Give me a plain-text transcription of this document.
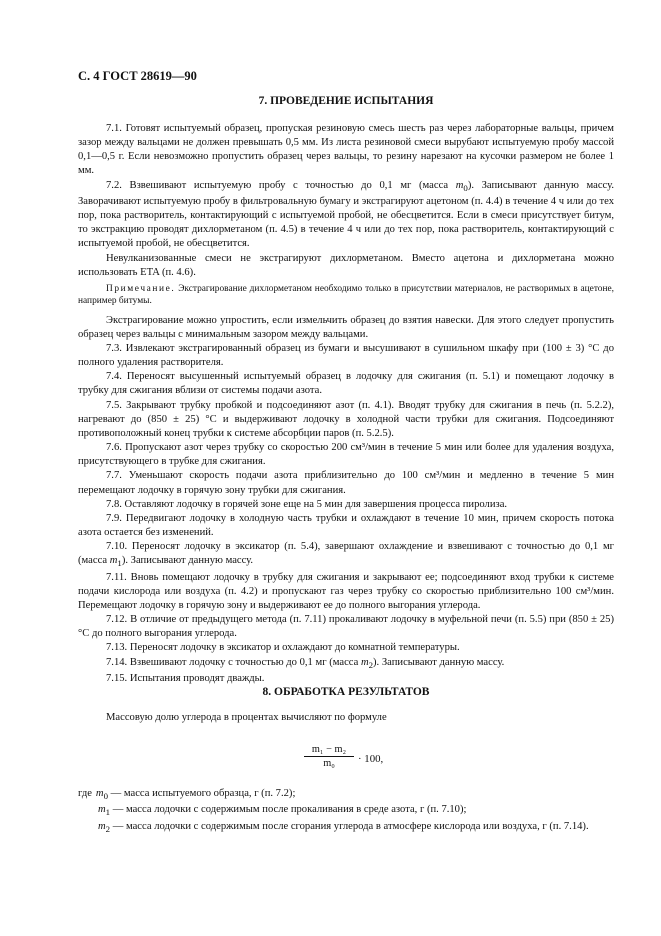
С. 4 ГОСТ 28619—90
7. ПРОВЕДЕНИЕ ИСПЫТАНИЯ

7.1. Готовят испытуемый образец, пропуская резиновую смесь шесть раз через лабораторные вальцы, причем зазор между вальцами не должен превышать 0,5 мм. Из листа резиновой смеси вырубают испытуемую пробу массой 0,1—0,5 г. Если невозможно пропустить образец через вальцы, то резину нарезают на кусочки размером не более 1 мм.

7.2. Взвешивают испытуемую пробу с точностью до 0,1 мг (масса $m_0$). Записывают данную массу. Заворачивают испытуемую пробу в фильтровальную бумагу и экстрагируют ацетоном (п. 4.4) в течение 4 ч или до тех пор, пока растворитель, контактирующий с испытуемой пробой, не обесцветится. Если в смеси присутствует битум, то экстракцию проводят дихлорметаном (п. 4.5) в течение 4 ч или до тех пор, пока растворитель, контактирующий с испытуемой пробой, не обесцветится.

Невулканизованные смеси не экстрагируют дихлорметаном. Вместо ацетона и дихлорметана можно использовать ETA (п. 4.6).

Примечание. Экстрагирование дихлорметаном необходимо только в присутствии материалов, не растворимых в ацетоне, например битумы.

Экстрагирование можно упростить, если измельчить образец до взятия навески. Для этого следует пропустить образец через вальцы с минимальным зазором между вальцами.

7.3. Извлекают экстрагированный образец из бумаги и высушивают в сушильном шкафу при (100 ± 3) °С до полного удаления растворителя.

7.4. Переносят высушенный испытуемый образец в лодочку для сжигания (п. 5.1) и помещают лодочку в трубку для сжигания вблизи от системы подачи азота.

7.5. Закрывают трубку пробкой и подсоединяют азот (п. 4.1). Вводят трубку для сжигания в печь (п. 5.2.2), нагревают до (850 ± 25) °С и выдерживают лодочку в холодной части трубки для сжигания. Подсоединяют противоположный конец трубки к системе абсорбции паров (п. 5.2.5).

7.6. Пропускают азот через трубку со скоростью 200 см³/мин в течение 5 мин или более для удаления воздуха, присутствующего в трубке для сжигания.

7.7. Уменьшают скорость подачи азота приблизительно до 100 см³/мин и медленно в течение 5 мин перемещают лодочку в горячую зону трубки для сжигания.

7.8. Оставляют лодочку в горячей зоне еще на 5 мин для завершения процесса пиролиза.

7.9. Передвигают лодочку в холодную часть трубки и охлаждают в течение 10 мин, причем скорость потока азота остается без изменений.

7.10. Переносят лодочку в эксикатор (п. 5.4), завершают охлаждение и взвешивают с точностью до 0,1 мг (масса $m_1$). Записывают данную массу.

7.11. Вновь помещают лодочку в трубку для сжигания и закрывают ее; подсоединяют вход трубки к системе подачи кислорода или воздуха (п. 4.2) и пропускают газ через трубку со скоростью приблизительно 100 см³/мин. Перемещают лодочку в горячую зону и выдерживают ее до полного выгорания углерода.

7.12. В отличие от предыдущего метода (п. 7.11) прокаливают лодочку в муфельной печи (п. 5.5) при (850 ± 25) °С до полного выгорания углерода.

7.13. Переносят лодочку в эксикатор и охлаждают до комнатной температуры.

7.14. Взвешивают лодочку с точностью до 0,1 мг (масса $m_2$). Записывают данную массу.

7.15. Испытания проводят дважды.

8. ОБРАБОТКА РЕЗУЛЬТАТОВ
Массовую долю углерода в процентах вычисляют по формуле
$\frac{\text{m₁ − m₂}}{\text{m₀}} \cdot 100$,
где $m_0$ — масса испытуемого образца, г (п. 7.2);
$m_1$ — масса лодочки с содержимым после прокаливания в среде азота, г (п. 7.10);
$m_2$ — масса лодочки с содержимым после сгорания углерода в атмосфере кислорода или воздуха, г (п. 7.14).
